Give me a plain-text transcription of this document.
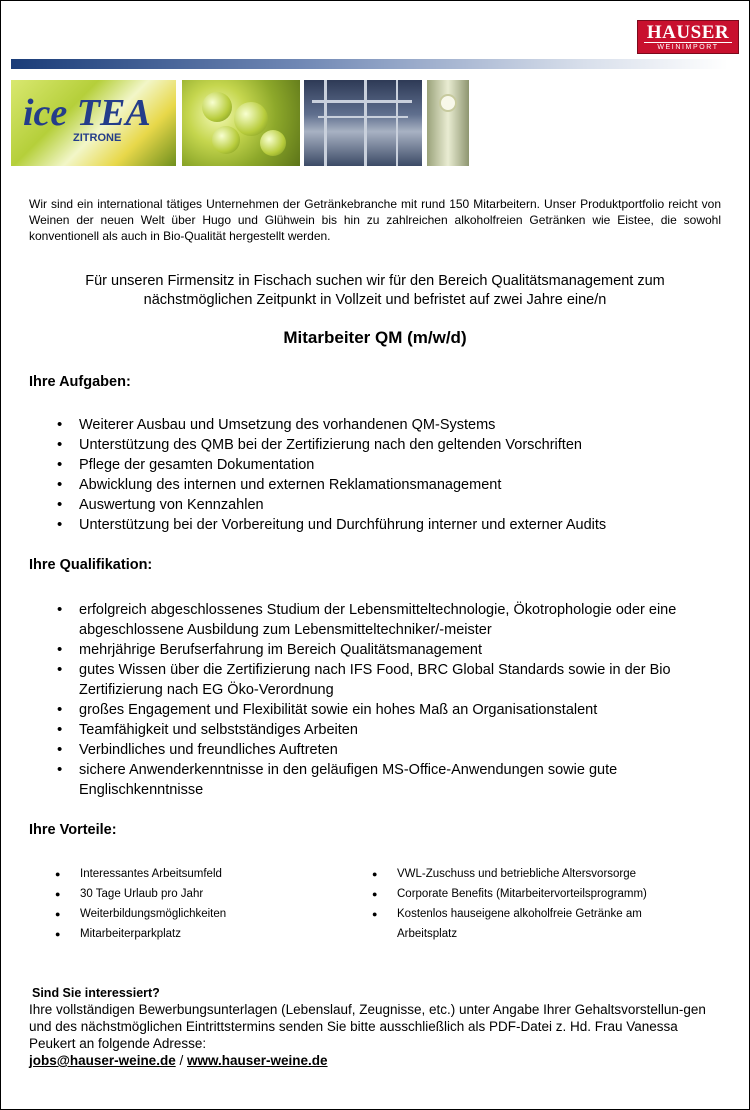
HAUSER
WEINIMPORT
ice TEA
ZITRONE

Wir sind ein international tätiges Unternehmen der Getränkebranche mit rund 150 Mitarbeitern. Unser Produktportfolio reicht von Weinen der neuen Welt über Hugo und Glühwein bis hin zu zahlreichen alkoholfreien Getränken wie Eistee, die sowohl konventionell als auch in Bio-Qualität hergestellt werden.

Für unseren Firmensitz in Fischach suchen wir für den Bereich Qualitätsmanagement zum nächstmöglichen Zeitpunkt in Vollzeit und befristet auf zwei Jahre eine/n

Mitarbeiter QM (m/w/d)
Ihre Aufgaben:
• Weiterer Ausbau und Umsetzung des vorhandenen QM-Systems
• Unterstützung des QMB bei der Zertifizierung nach den geltenden Vorschriften
• Pflege der gesamten Dokumentation
• Abwicklung des internen und externen Reklamationsmanagement
• Auswertung von Kennzahlen
• Unterstützung bei der Vorbereitung und Durchführung interner und externer Audits
Ihre Qualifikation:
• erfolgreich abgeschlossenes Studium der Lebensmitteltechnologie, Ökotrophologie oder eine abgeschlossene Ausbildung zum Lebensmitteltechniker/-meister
• mehrjährige Berufserfahrung im Bereich Qualitätsmanagement
• gutes Wissen über die Zertifizierung nach IFS Food, BRC Global Standards sowie in der Bio Zertifizierung nach EG Öko-Verordnung
• großes Engagement und Flexibilität sowie ein hohes Maß an Organisationstalent
• Teamfähigkeit und selbstständiges Arbeiten
• Verbindliches und freundliches Auftreten
• sichere Anwenderkenntnisse in den geläufigen MS-Office-Anwendungen sowie gute Englischkenntnisse
Ihre Vorteile:
● Interessantes Arbeitsumfeld
● 30 Tage Urlaub pro Jahr
● Weiterbildungsmöglichkeiten
● Mitarbeiterparkplatz
● VWL-Zuschuss und betriebliche Altersvorsorge
● Corporate Benefits (Mitarbeitervorteilsprogramm)
● Kostenlos hauseigene alkoholfreie Getränke am Arbeitsplatz
Sind Sie interessiert?

Ihre vollständigen Bewerbungsunterlagen (Lebenslauf, Zeugnisse, etc.) unter Angabe Ihrer Gehaltsvorstellun-gen und des nächstmöglichen Eintrittstermins senden Sie bitte ausschließlich als PDF-Datei z. Hd. Frau Vanessa Peukert an folgende Adresse:

jobs@hauser-weine.de / www.hauser-weine.de
